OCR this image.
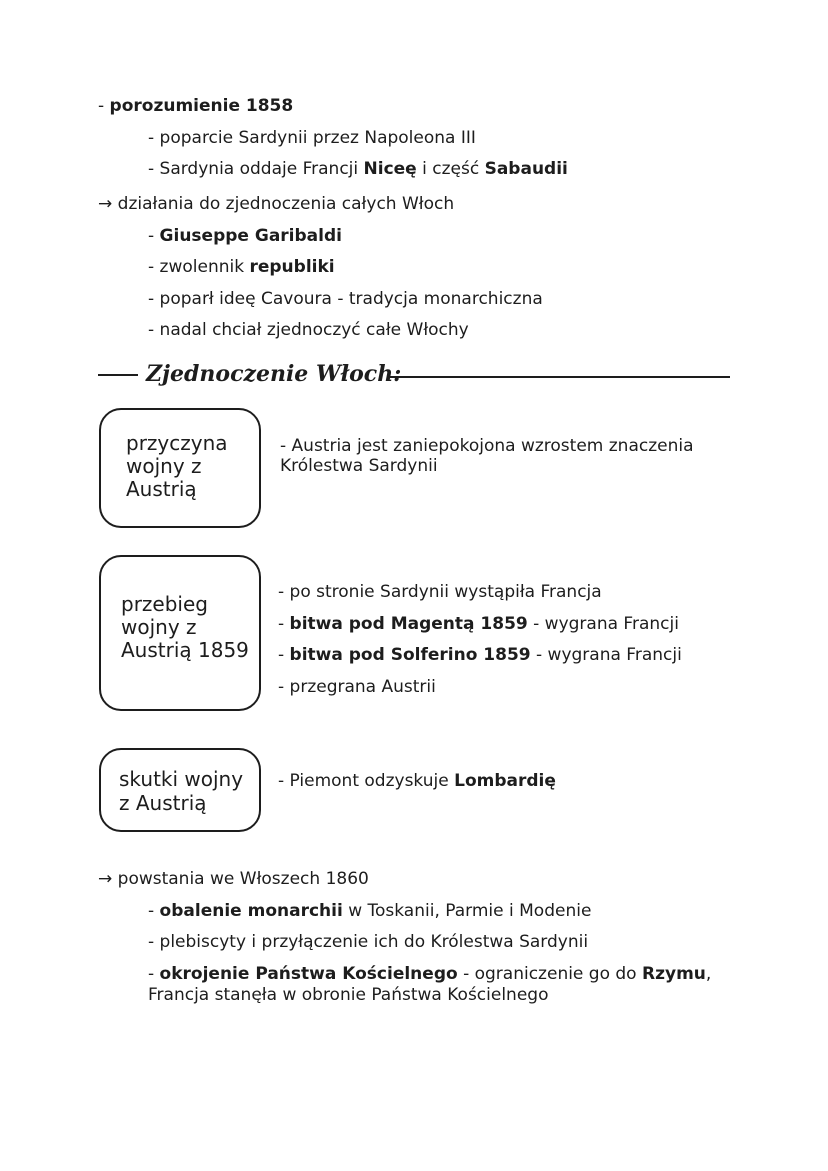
- porozumienie 1858
- poparcie Sardynii przez Napoleona III
- Sardynia oddaje Francji Niceę i część Sabaudii
→ działania do zjednoczenia całych Włoch
- Giuseppe Garibaldi
- zwolennik republiki
- poparł ideę Cavoura - tradycja monarchiczna
- nadal chciał zjednoczyć całe Włochy
Zjednoczenie Włoch:
przyczyna
wojny z
Austrią
- Austria jest zaniepokojona wzrostem znaczenia
Królestwa Sardynii
przebieg
wojny z
Austrią 1859
- po stronie Sardynii wystąpiła Francja
- bitwa pod Magentą 1859 - wygrana Francji
- bitwa pod Solferino 1859 - wygrana Francji
- przegrana Austrii
skutki wojny
z Austrią
- Piemont odzyskuje Lombardię
→ powstania we Włoszech 1860
- obalenie monarchii w Toskanii, Parmie i Modenie
- plebiscyty i przyłączenie ich do Królestwa Sardynii
- okrojenie Państwa Kościelnego - ograniczenie go do Rzymu,
Francja stanęła w obronie Państwa Kościelnego
